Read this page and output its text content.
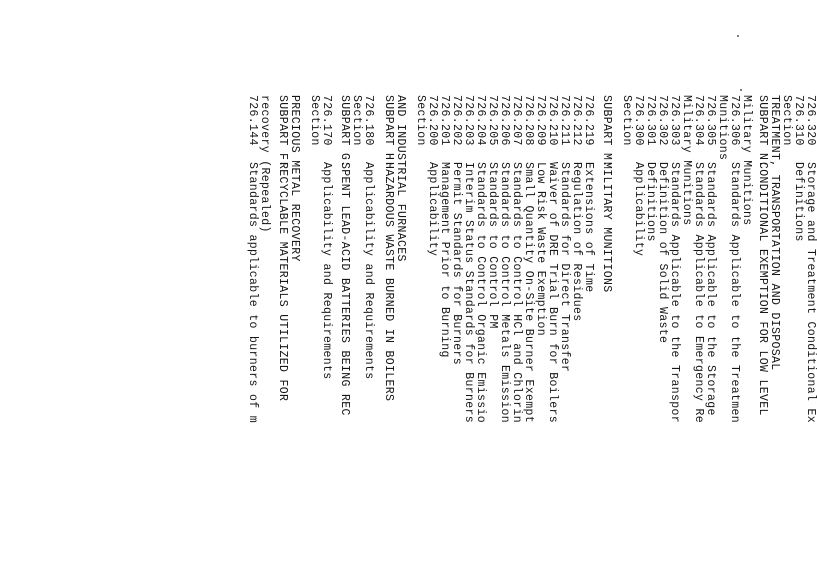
726.144
Standards applicable to burners of m recovery (Repealed) SUBPART F:
RECYCLABLE MATERIALS UTILIZED FOR PRECIOUS METAL RECOVERY Section 726.170
Applicability and Requirements
SUBPART G:
SPENT LEAD-ACID BATTERIES BEING REC
Section 726.180
Applicability and Requirements
SUBPART H:
HAZARDOUS WASTE BURNED IN BOILERS AND INDUSTRIAL FURNACES Section 726.200
Applicability
726.201
Management Prior to Burning
726.202
Permit Standards for Burners
726.203
Interim Status Standards for Burners
726.204
Standards to Control Organic Emissio
726.205
Standards to Control PM
726.206
Standards to Control Metals Emission
726.207
Standards to Control HCl and Chlorin
726.208
Small Quantity On-Site Burner Exempt
726.209
Low Risk Waste Exemption
726.210
Waiver of DRE Trial Burn for Boilers
726.211
Standards for Direct Transfer
726.212
Regulation of Residues
726.219
Extensions of Time
SUBPART M:
MILITARY MUNITIONS
Section 726.300
Applicability
726.301
Definitions
726.302
Definition of Solid Waste
726.303
Standards Applicable to the Transpor
Military Munitions 726.304
Standards Applicable to Emergency Re
726.305
Standards Applicable to the Storage
Munitions 726.306
Standards Applicable to the Treatmen
Military Munitions SUBPART N:
CONDITIONAL EXEMPTION FOR LOW LEVEL TREATMENT, TRANSPORTATION AND DISPOSAL Section 726.310
Definitions
726.320
Storage and Treatment Conditional Ex
